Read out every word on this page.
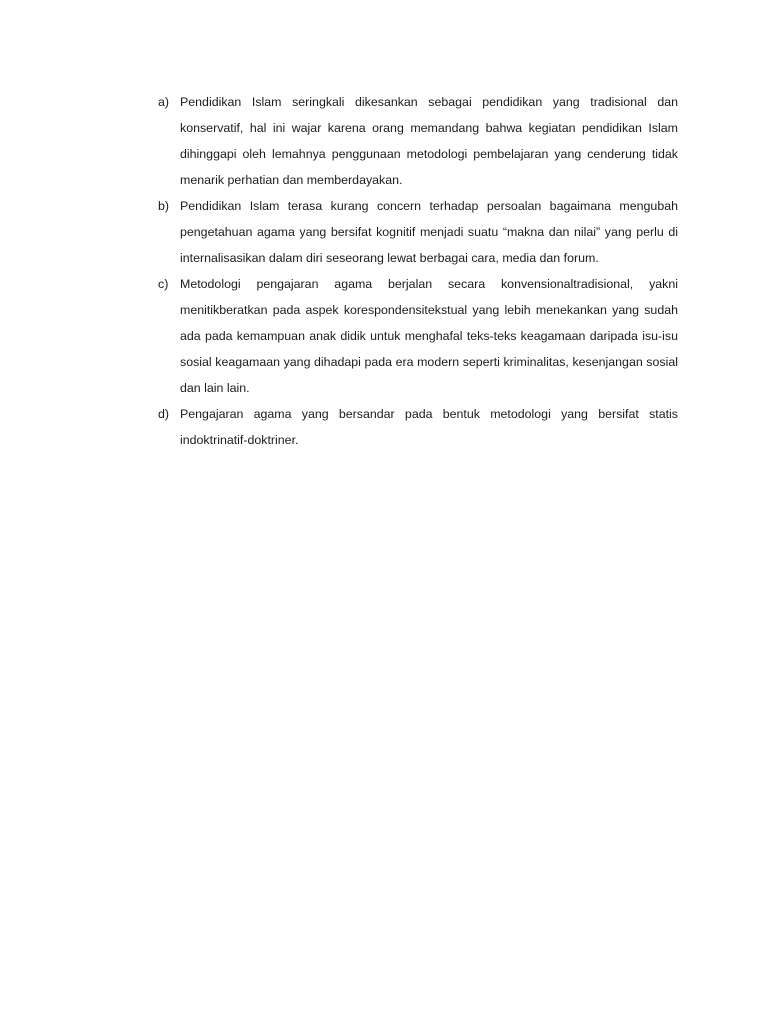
a) Pendidikan Islam seringkali dikesankan sebagai pendidikan yang tradisional dan konservatif, hal ini wajar karena orang memandang bahwa kegiatan pendidikan Islam dihinggapi oleh lemahnya penggunaan metodologi pembelajaran yang cenderung tidak menarik perhatian dan memberdayakan.
b) Pendidikan Islam terasa kurang concern terhadap persoalan bagaimana mengubah pengetahuan agama yang bersifat kognitif menjadi suatu “makna dan nilai” yang perlu di internalisasikan dalam diri seseorang lewat berbagai cara, media dan forum.
c) Metodologi pengajaran agama berjalan secara konvensionaltradisional, yakni menitikberatkan pada aspek korespondensitekstual yang lebih menekankan yang sudah ada pada kemampuan anak didik untuk menghafal teks-teks keagamaan daripada isu-isu sosial keagamaan yang dihadapi pada era modern seperti kriminalitas, kesenjangan sosial dan lain lain.
d) Pengajaran agama yang bersandar pada bentuk metodologi yang bersifat statis indoktrinatif-doktriner.
